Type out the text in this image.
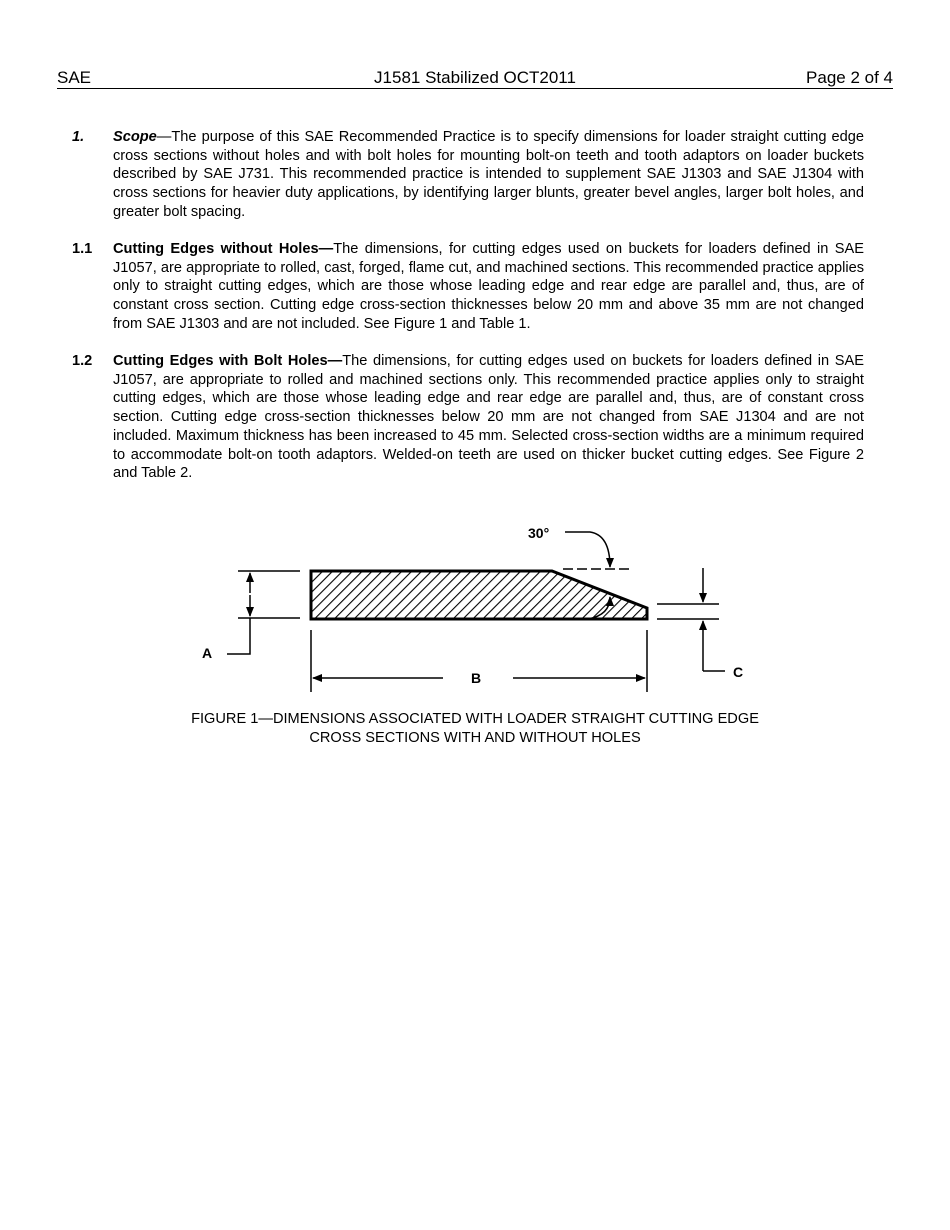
SAE	J1581 Stabilized OCT2011	Page 2 of 4
1. Scope—The purpose of this SAE Recommended Practice is to specify dimensions for loader straight cutting edge cross sections without holes and with bolt holes for mounting bolt-on teeth and tooth adaptors on loader buckets described by SAE J731. This recommended practice is intended to supplement SAE J1303 and SAE J1304 with cross sections for heavier duty applications, by identifying larger blunts, greater bevel angles, larger bolt holes, and greater bolt spacing.
1.1 Cutting Edges without Holes—The dimensions, for cutting edges used on buckets for loaders defined in SAE J1057, are appropriate to rolled, cast, forged, flame cut, and machined sections. This recommended practice applies only to straight cutting edges, which are those whose leading edge and rear edge are parallel and, thus, are of constant cross section. Cutting edge cross-section thicknesses below 20 mm and above 35 mm are not changed from SAE J1303 and are not included. See Figure 1 and Table 1.
1.2 Cutting Edges with Bolt Holes—The dimensions, for cutting edges used on buckets for loaders defined in SAE J1057, are appropriate to rolled and machined sections only. This recommended practice applies only to straight cutting edges, which are those whose leading edge and rear edge are parallel and, thus, are of constant cross section. Cutting edge cross-section thicknesses below 20 mm are not changed from SAE J1304 and are not included. Maximum thickness has been increased to 45 mm. Selected cross-section widths are a minimum required to accommodate bolt-on tooth adaptors. Welded-on teeth are used on thicker bucket cutting edges. See Figure 2 and Table 2.
A
B	C
30°
FIGURE 1—DIMENSIONS ASSOCIATED WITH LOADER STRAIGHT CUTTING EDGE
CROSS SECTIONS WITH AND WITHOUT HOLES
